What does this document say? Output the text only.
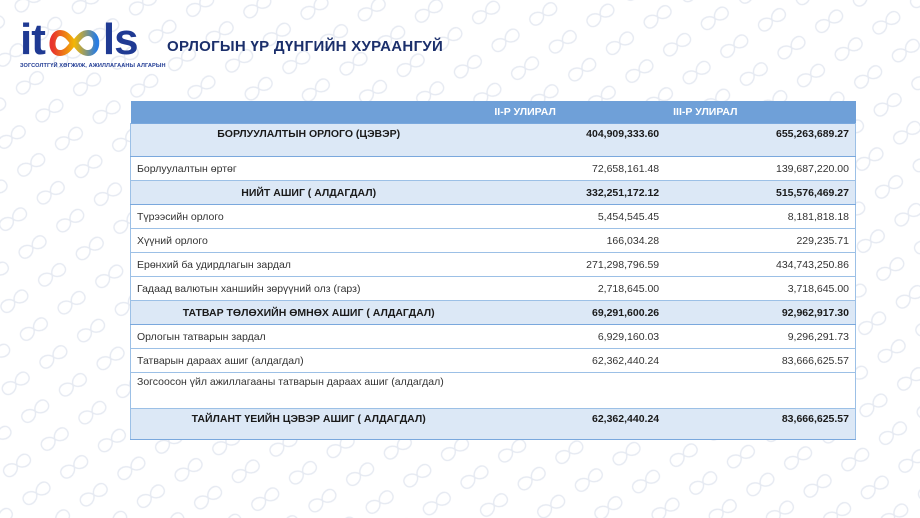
i t ls
ЗОГСОЛТГҮЙ ХӨГЖИЖ, АЖИЛЛАГААНЫ АЛГАРЫН
ОРЛОГЫН ҮР ДҮНГИЙН ХУРААНГУЙ
	II-Р УЛИРАЛ	III-Р УЛИРАЛ
БОРЛУУЛАЛТЫН ОРЛОГО (ЦЭВЭР)	404,909,333.60	655,263,689.27
Борлуулалтын өртөг	72,658,161.48	139,687,220.00
НИЙТ АШИГ ( АЛДАГДАЛ)	332,251,172.12	515,576,469.27
Түрээсийн орлого	5,454,545.45	8,181,818.18
Хүүний орлого	166,034.28	229,235.71
Ерөнхий ба удирдлагын зардал	271,298,796.59	434,743,250.86
Гадаад валютын ханшийн зөрүүний олз (гарз)	2,718,645.00	3,718,645.00
ТАТВАР ТӨЛӨХИЙН ӨМНӨХ АШИГ ( АЛДАГДАЛ)	69,291,600.26	92,962,917.30
Орлогын татварын зардал	6,929,160.03	9,296,291.73
Татварын дараах ашиг (алдагдал)	62,362,440.24	83,666,625.57
Зогсоосон үйл ажиллагааны татварын дараах ашиг (алдагдал)		
ТАЙЛАНТ ҮЕИЙН ЦЭВЭР АШИГ ( АЛДАГДАЛ)	62,362,440.24	83,666,625.57
